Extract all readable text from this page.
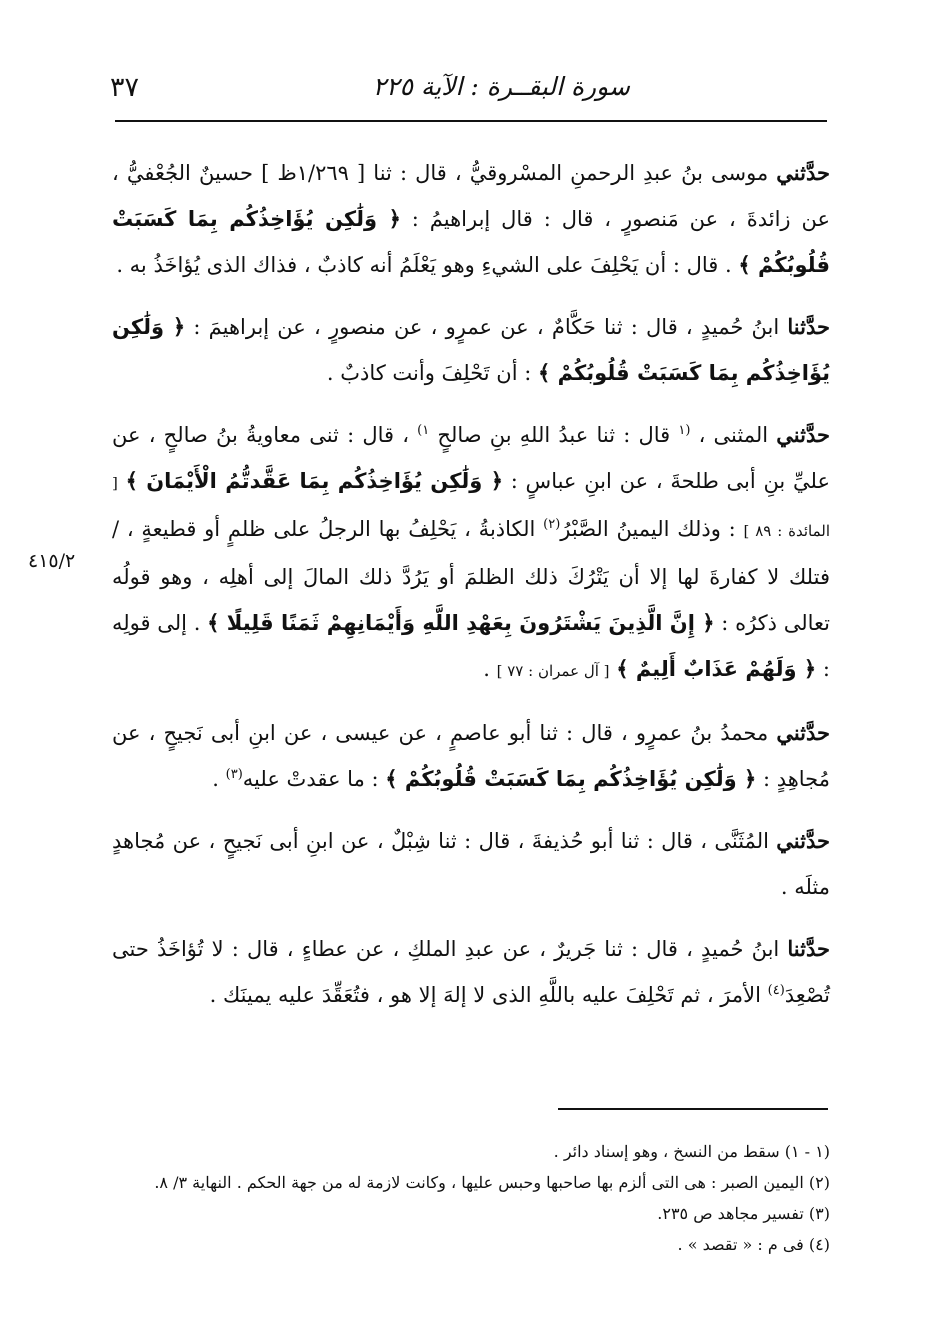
سورة البقــرة : الآية ٢٢٥
٣٧
٤١٥/٢

حدَّثني موسى بنُ عبدِ الرحمنِ المسْروقيُّ ، قال : ثنا [ ١/٢٦٩ظ ] حسينٌ الجُعْفيُّ ، عن زائدةَ ، عن مَنصورٍ ، قال : قال إبراهيمُ : ﴿ وَلَٰكِن يُؤَاخِذُكُم بِمَا كَسَبَتْ قُلُوبُكُمْ ﴾ . قال : أن يَحْلِفَ على الشيءِ وهو يَعْلَمُ أنه كاذبٌ ، فذاك الذى يُؤاخَذُ به .

حدَّثنا ابنُ حُميدٍ ، قال : ثنا حَكَّامٌ ، عن عمرٍو ، عن منصورٍ ، عن إبراهيمَ : ﴿ وَلَٰكِن يُؤَاخِذُكُم بِمَا كَسَبَتْ قُلُوبُكُمْ ﴾ : أن تَحْلِفَ وأنت كاذبٌ .

حدَّثني المثنى ، $^{(١}$ قال : ثنا عبدُ اللهِ بنِ صالحٍ $^{١)}$ ، قال : ثنى معاويةُ بنُ صالحٍ ، عن عليِّ بنِ أبى طلحةَ ، عن ابنِ عباسٍ : ﴿ وَلَٰكِن يُؤَاخِذُكُم بِمَا عَقَّدتُّمُ الْأَيْمَانَ ﴾ [ المائدة : ٨٩ ] : وذلك اليمينُ الصَّبْرُ$^{(٢)}$ الكاذبةُ ، يَحْلِفُ بها الرجلُ على ظلمٍ أو قطيعةٍ ، / فتلك لا كفارةَ لها إلا أن يَتْرُكَ ذلك الظلمَ أو يَرُدَّ ذلك المالَ إلى أهلِه ، وهو قولُه تعالى ذكرُه : ﴿ إِنَّ الَّذِينَ يَشْتَرُونَ بِعَهْدِ اللَّهِ وَأَيْمَانِهِمْ ثَمَنًا قَلِيلًا ﴾ . إلى قولِه : ﴿ وَلَهُمْ عَذَابٌ أَلِيمٌ ﴾ [ آل عمران : ٧٧ ] .

حدَّثني محمدُ بنُ عمرٍو ، قال : ثنا أبو عاصمٍ ، عن عيسى ، عن ابنِ أبى نَجيحٍ ، عن مُجاهِدٍ : ﴿ وَلَٰكِن يُؤَاخِذُكُم بِمَا كَسَبَتْ قُلُوبُكُمْ ﴾ : ما عقدتْ عليه$^{(٣)}$ .

حدَّثني المُثَنَّى ، قال : ثنا أبو حُذيفةَ ، قال : ثنا شِبْلٌ ، عن ابنِ أبى نَجيحٍ ، عن مُجاهدٍ مثلَه .

حدَّثنا ابنُ حُميدٍ ، قال : ثنا جَريرٌ ، عن عبدِ الملكِ ، عن عطاءٍ ، قال : لا تُؤاخَذُ حتى تُصْعِدَ$^{(٤)}$ الأمرَ ، ثم تَحْلِفَ عليه باللَّهِ الذى لا إلهَ إلا هو ، فتُعَقِّدَ عليه يمينَك .

(١ - ١) سقط من النسخ ، وهو إسناد دائر .
(٢) اليمين الصبر : هى التى ألزم بها صاحبها وحبس عليها ، وكانت لازمة له من جهة الحكم . النهاية ٣/ ٨.
(٣) تفسير مجاهد ص ٢٣٥.
(٤) فى م : « تقصد » .
